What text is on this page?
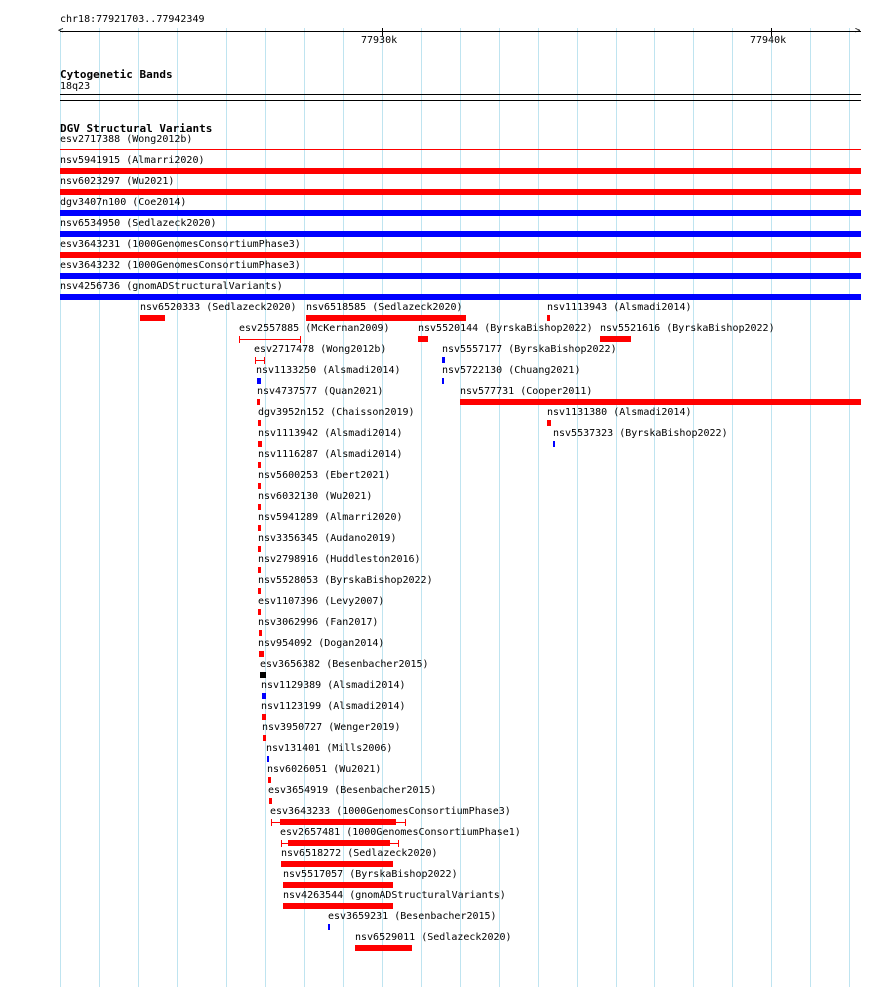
chr18:77921703..77942349
<	>
77930k	77940k
Cytogenetic Bands
18q23
DGV Structural Variants
esv2717388 (Wong2012b)
nsv5941915 (Almarri2020)
nsv6023297 (Wu2021)
dgv3407n100 (Coe2014)
nsv6534950 (Sedlazeck2020)
esv3643231 (1000GenomesConsortiumPhase3)
esv3643232 (1000GenomesConsortiumPhase3)
nsv4256736 (gnomADStructuralVariants)
nsv6520333 (Sedlazeck2020) nsv6518585 (Sedlazeck2020)	nsv1113943 (Alsmadi2014)
esv2557885 (McKernan2009)	nsv5520144 (ByrskaBishop2022) nsv5521616 (ByrskaBishop2022)
esv2717478 (Wong2012b)	nsv5557177 (ByrskaBishop2022)
nsv1133250 (Alsmadi2014)	nsv5722130 (Chuang2021)
nsv4737577 (Quan2021)	nsv577731 (Cooper2011)
dgv3952n152 (Chaisson2019)	nsv1131380 (Alsmadi2014)
nsv1113942 (Alsmadi2014)	nsv5537323 (ByrskaBishop2022)
nsv1116287 (Alsmadi2014)
nsv5600253 (Ebert2021)
nsv6032130 (Wu2021)
nsv5941289 (Almarri2020)
nsv3356345 (Audano2019)
nsv2798916 (Huddleston2016)
nsv5528053 (ByrskaBishop2022)
esv1107396 (Levy2007)
nsv3062996 (Fan2017)
nsv954092 (Dogan2014)
esv3656382 (Besenbacher2015)
nsv1129389 (Alsmadi2014)
nsv1123199 (Alsmadi2014)
nsv3950727 (Wenger2019)
nsv131401 (Mills2006)
nsv6026051 (Wu2021)
esv3654919 (Besenbacher2015)
esv3643233 (1000GenomesConsortiumPhase3)
esv2657481 (1000GenomesConsortiumPhase1)
nsv6518272 (Sedlazeck2020)
nsv5517057 (ByrskaBishop2022)
nsv4263544 (gnomADStructuralVariants)
esv3659231 (Besenbacher2015)
nsv6529011 (Sedlazeck2020)
